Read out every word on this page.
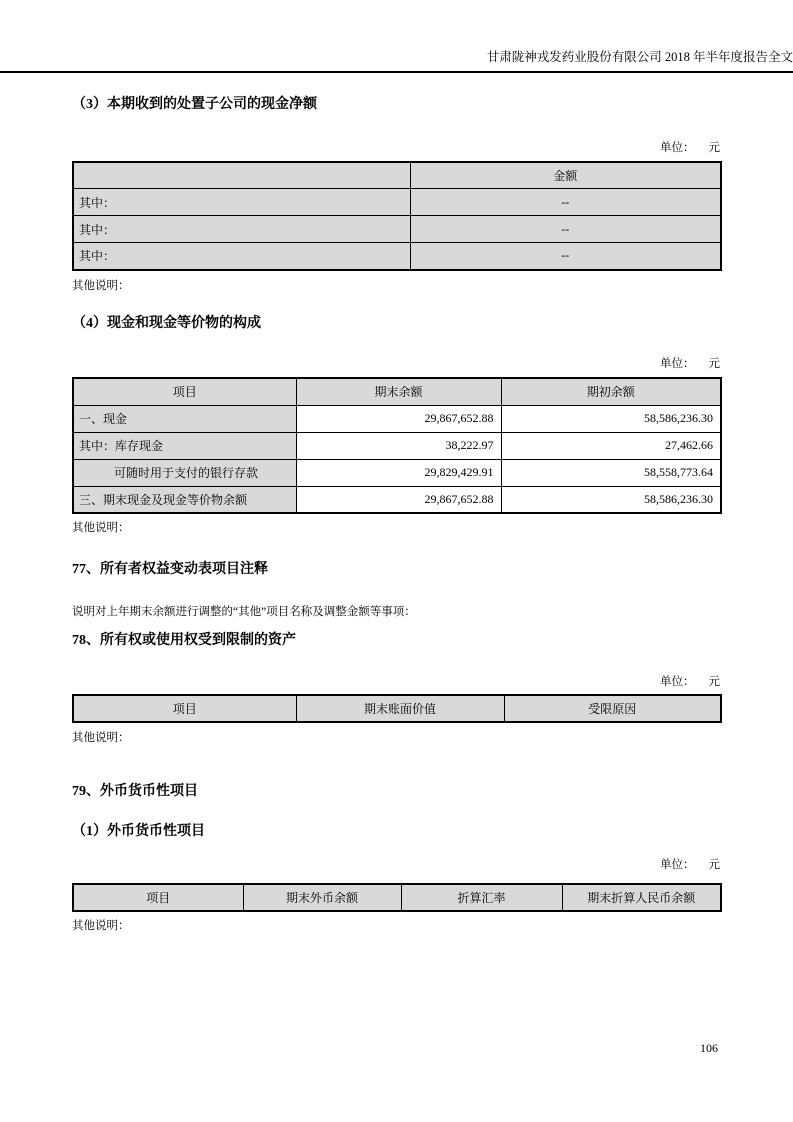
甘肃陇神戎发药业股份有限公司 2018 年半年度报告全文
（3）本期收到的处置子公司的现金净额
单位： 元
	金额
其中：	--
其中：	--
其中：	--
其他说明：
（4）现金和现金等价物的构成
单位： 元
项目	期末余额	期初余额
一、现金	29,867,652.88	58,586,236.30
其中：库存现金	38,222.97	27,462.66
可随时用于支付的银行存款	29,829,429.91	58,558,773.64
三、期末现金及现金等价物余额	29,867,652.88	58,586,236.30
其他说明：
77、所有者权益变动表项目注释
说明对上年期末余额进行调整的“其他”项目名称及调整金额等事项：
78、所有权或使用权受到限制的资产
单位： 元
项目	期末账面价值	受限原因
其他说明：
79、外币货币性项目
（1）外币货币性项目
单位： 元
项目	期末外币余额	折算汇率	期末折算人民币余额
其他说明：
106
